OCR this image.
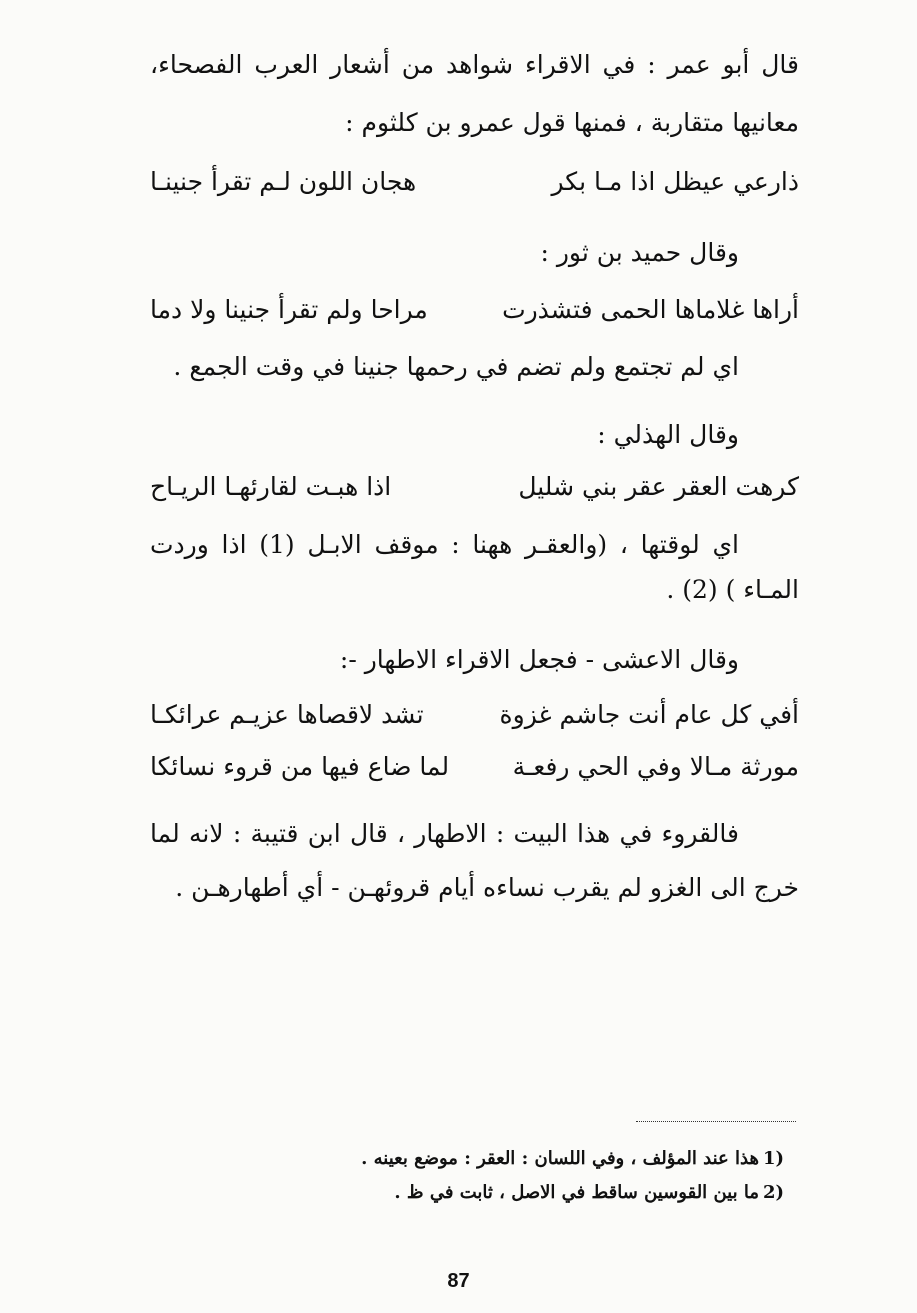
قال أبو عمر : في الاقراء شواهد من أشعار العرب الفصحاء،
معانيها متقاربة ، فمنها قول عمرو بن كلثوم :
ذارعي عيظل اذا مـا بكر
هجان اللون لـم تقرأ جنينـا
وقال حميد بن ثور :
أراها غلاماها الحمى فتشذرت
مراحا ولم تقرأ جنينا ولا دما
اي لم تجتمع ولم تضم في رحمها جنينا في وقت الجمع .
وقال الهذلي :
كرهت العقر عقر بني شليل
اذا هبـت لقارئهـا الريـاح
اي لوقتها ، (والعقـر ههنا : موقف الابـل (1) اذا وردت
المـاء ) (2) .
وقال الاعشى - فجعل الاقراء الاطهار -:
أفي كل عام أنت جاشم غزوة
تشد لاقصاها عزيـم عرائكـا
مورثة مـالا وفي الحي رفعـة
لما ضاع فيها من قروء نسائكا
فالقروء في هذا البيت : الاطهار ، قال ابن قتيبة : لانه لما
خرج الى الغزو لم يقرب نساءه أيام قروئهـن - أي أطهارهـن .
1)
هذا عند المؤلف ، وفي اللسان : العقر : موضع بعينه .
2)
ما بين القوسين ساقط في الاصل ، ثابت في ظ .
87
